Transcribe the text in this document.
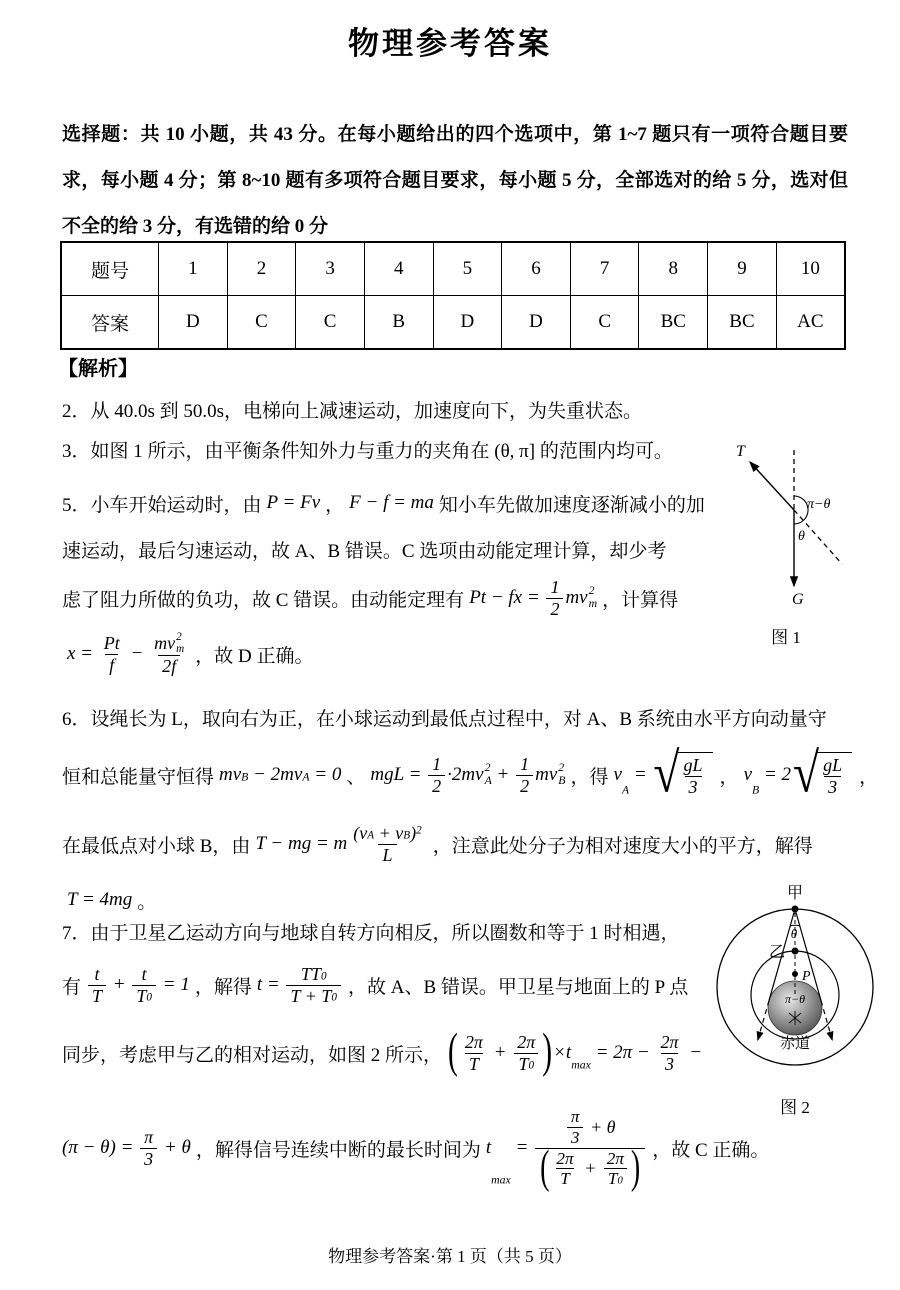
物理参考答案

选择题：共 10 小题，共 43 分。在每小题给出的四个选项中，第 1~7 题只有一项符合题目要求，每小题 4 分；第 8~10 题有多项符合题目要求，每小题 5 分，全部选对的给 5 分，选对但不全的给 3 分，有选错的给 0 分

题号	1	2	3	4	5	6	7	8	9	10
答案	D	C	C	B	D	D	C	BC	BC	AC
【解析】
2．从 40.0s 到 50.0s，电梯向上减速运动，加速度向下，为失重状态。
3．如图 1 所示，由平衡条件知外力与重力的夹角在 (θ, π] 的范围内均可。
5．小车开始运动时，由 P = Fv ， F − f = ma 知小车先做加速度逐渐减小的加
速运动，最后匀速运动，故 A、B 错误。C 选项由动能定理计算，却少考
虑了阻力所做的负功，故 C 错误。由动能定理有 Pt − fx = $\frac{1}{2}$ mv 2
m ，计算得
$x = \frac{Pt}{f}$ − mv 2
m
2f ，故 D 正确。
T
π−θ
θ
G
图 1
6．设绳长为 L，取向右为正，在小球运动到最低点过程中，对 A、B 系统由水平方向动量守
恒和总能量守恒得 mv B − 2mv A = 0 、 mgL = $\frac{1}{2} \cdot 2mv$ 2
$A + \frac{1}{2}$ mv 2
B ，得 v
A
= √ $\frac{gL}{3}$ ， v
B
= 2 √ $\frac{gL}{3}$ ，
在最低点对小球 B，由 T − mg = m $\frac{\text{(v A + v B ) 2}}{L}$ ，注意此处分子为相对速度大小的平方，解得
T = 4mg 。
7．由于卫星乙运动方向与地球自转方向相反，所以圈数和等于 1 时相遇，
有 $\frac{t}{T} + \frac{t}{T 0} = 1$ ，解得 $t = \frac{TT 0}{T + T 0}$ ，故 A、B 错误。甲卫星与地面上的 P 点
同步，考虑甲与乙的相对运动，如图 2 所示， ( $\frac{2\pi}{T} + \frac{2\pi}{T 0}$ ) ×t
max
= $2\pi - \frac{2\pi}{3}$ −
$(\pi - \theta) = \frac{\pi}{3} + \theta$ ，解得信号连续中断的最长时间为 t
max
= $\frac{\frac{\pi}{3} + \theta}{( \frac{2\pi}{T} + \frac{2\pi}{T 0} )}$ ，故 C 正确。
甲
θ
乙
P
π−θ
赤道
图 2
物理参考答案·第 1 页（共 5 页）
